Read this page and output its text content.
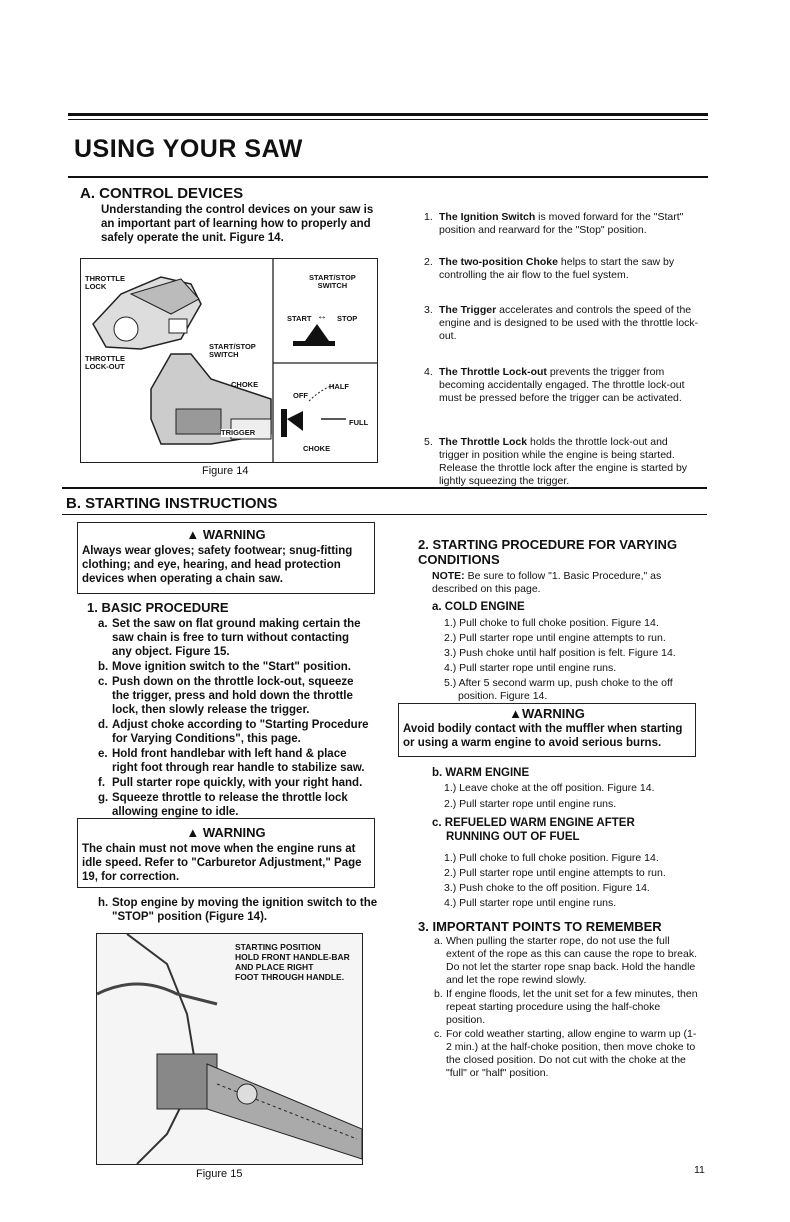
USING YOUR SAW
A. CONTROL DEVICES
Understanding the control devices on your saw is an important part of learning how to properly and safely operate the unit. Figure 14.
THROTTLE
LOCK
THROTTLE
LOCK-OUT
START/STOP
SWITCH
CHOKE
TRIGGER
START/STOP
SWITCH
START ↔ STOP
OFF
HALF
FULL
CHOKE
Figure 14
1. The Ignition Switch is moved forward for the "Start" position and rearward for the "Stop" position.
2. The two-position Choke helps to start the saw by controlling the air flow to the fuel system.
3. The Trigger accelerates and controls the speed of the engine and is designed to be used with the throttle lock-out.
4. The Throttle Lock-out prevents the trigger from becoming accidentally engaged. The throttle lock-out must be pressed before the trigger can be activated.
5. The Throttle Lock holds the throttle lock-out and trigger in position while the engine is being started. Release the throttle lock after the engine is started by lightly squeezing the trigger.
B. STARTING INSTRUCTIONS
▲ WARNING
Always wear gloves; safety footwear; snug-fitting clothing; and eye, hearing, and head protection devices when operating a chain saw.
1. BASIC PROCEDURE
a. Set the saw on flat ground making certain the saw chain is free to turn without contacting any object. Figure 15.
b. Move ignition switch to the "Start" position.
c. Push down on the throttle lock-out, squeeze the trigger, press and hold down the throttle lock, then slowly release the trigger.
d. Adjust choke according to "Starting Procedure for Varying Conditions", this page.
e. Hold front handlebar with left hand & place right foot through rear handle to stabilize saw.
f. Pull starter rope quickly, with your right hand.
g. Squeeze throttle to release the throttle lock allowing engine to idle.
▲ WARNING
The chain must not move when the engine runs at idle speed. Refer to "Carburetor Adjustment," Page 19, for correction.
h. Stop engine by moving the ignition switch to the "STOP" position (Figure 14).
STARTING POSITION
HOLD FRONT HANDLE-BAR
AND PLACE RIGHT
FOOT THROUGH HANDLE.
Figure 15
2. STARTING PROCEDURE FOR VARYING CONDITIONS
NOTE: Be sure to follow "1. Basic Procedure," as described on this page.
a. COLD ENGINE
1.) Pull choke to full choke position. Figure 14.
2.) Pull starter rope until engine attempts to run.
3.) Push choke until half position is felt. Figure 14.
4.) Pull starter rope until engine runs.
5.) After 5 second warm up, push choke to the off position. Figure 14.
▲WARNING
Avoid bodily contact with the muffler when starting or using a warm engine to avoid serious burns.
b. WARM ENGINE
1.) Leave choke at the off position. Figure 14.
2.) Pull starter rope until engine runs.
c. REFUELED WARM ENGINE AFTER RUNNING OUT OF FUEL
1.) Pull choke to full choke position. Figure 14.
2.) Pull starter rope until engine attempts to run.
3.) Push choke to the off position. Figure 14.
4.) Pull starter rope until engine runs.
3. IMPORTANT POINTS TO REMEMBER
a. When pulling the starter rope, do not use the full extent of the rope as this can cause the rope to break. Do not let the starter rope snap back. Hold the handle and let the rope rewind slowly.
b. If engine floods, let the unit set for a few minutes, then repeat starting procedure using the half-choke position.
c. For cold weather starting, allow engine to warm up (1-2 min.) at the half-choke position, then move choke to the closed position. Do not cut with the choke at the "full" or "half" position.
11
